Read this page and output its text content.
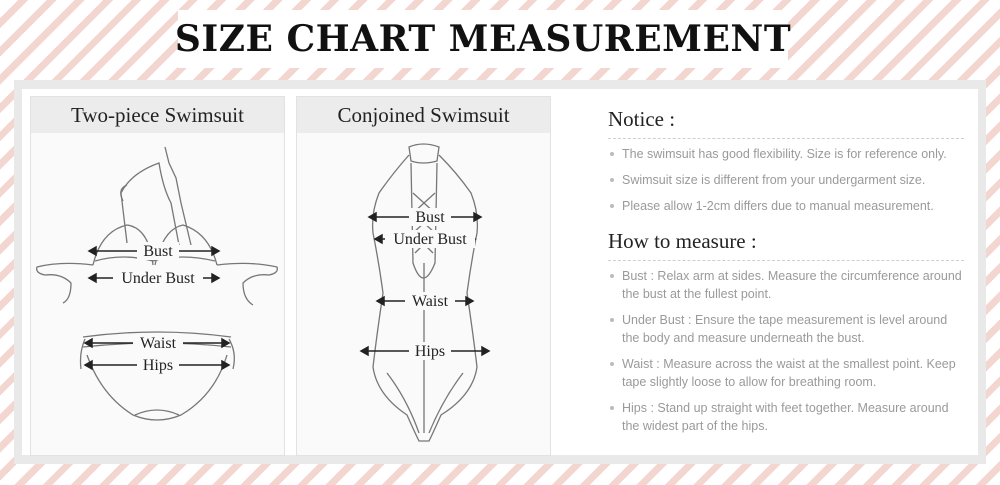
SIZE CHART MEASUREMENT
Two-piece Swimsuit
Bust
Under Bust
Waist
Hips
Conjoined Swimsuit
Bust
Under Bust
Waist
Hips
Notice :
The swimsuit has good flexibility. Size is for reference only.
Swimsuit size is different from your undergarment size.
Please allow 1-2cm differs due to manual measurement.
How to measure :
Bust : Relax arm at sides. Measure the circumference around the bust at the fullest point.
Under Bust : Ensure the tape measurement is level around the body and measure underneath the bust.
Waist : Measure across the waist at the smallest point. Keep tape slightly loose to allow for breathing room.
Hips : Stand up straight with feet together. Measure around the widest part of the hips.
